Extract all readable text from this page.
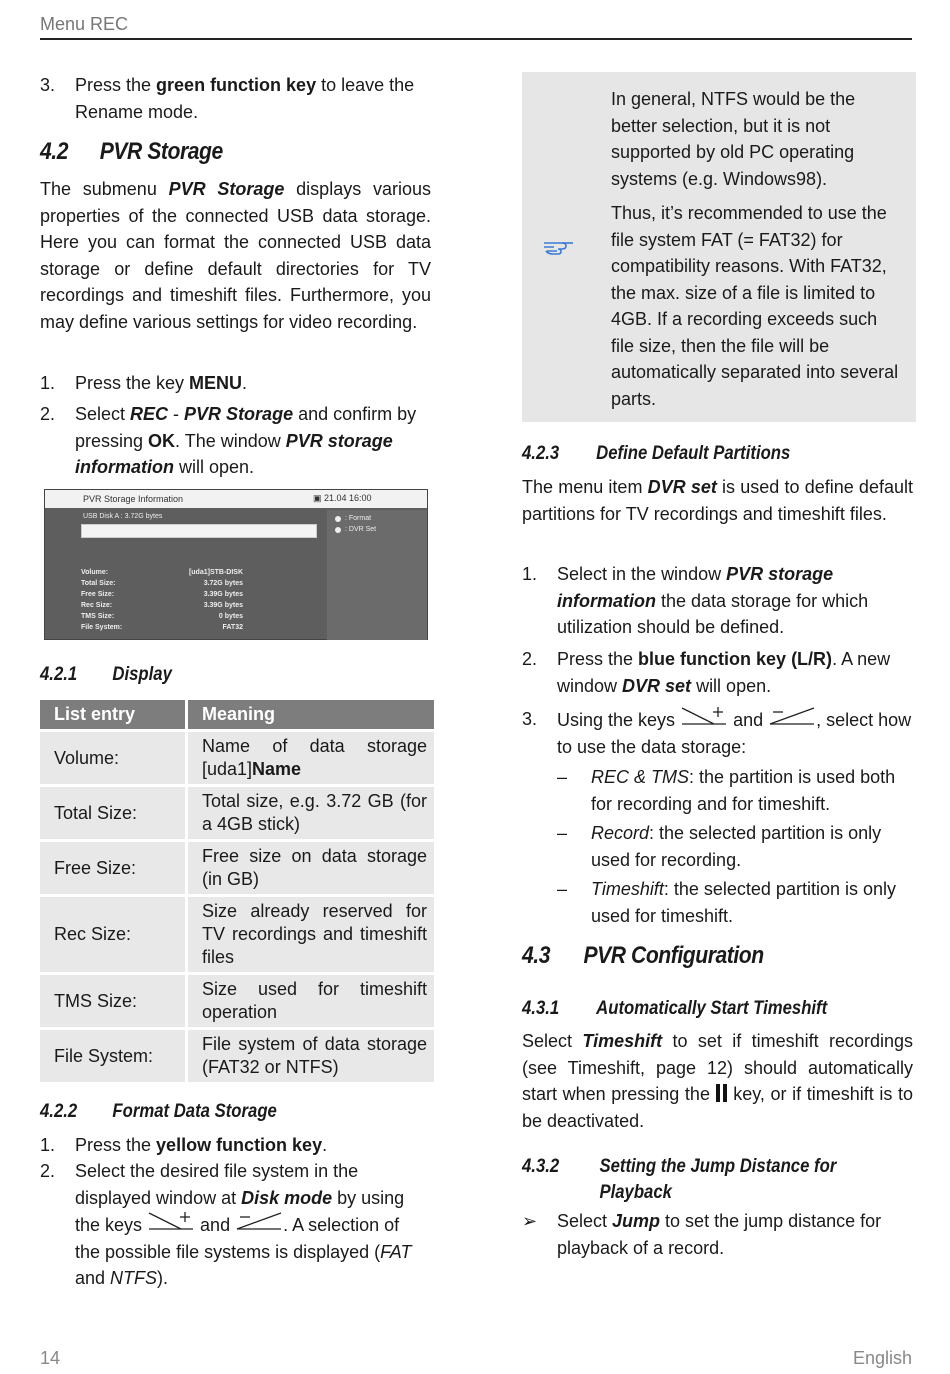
Menu REC
3. Press the green function key to leave the Rename mode.
4.2 PVR Storage
The submenu PVR Storage displays various properties of the connected USB data storage. Here you can format the connected USB data storage or define default directories for TV recordings and timeshift files. Furthermore, you may define various settings for video recording.
1. Press the key MENU.
2. Select REC - PVR Storage and confirm by pressing OK. The window PVR storage information will open.
PVR Storage Information	▣ 21.04 16:00
USB Disk A : 3.72G bytes	: Format
: DVR Set
Volume:	[uda1]STB-DISK
Total Size:	3.72G bytes
Free Size:	3.39G bytes
Rec Size:	3.39G bytes
TMS Size:	0 bytes
File System:	FAT32
4.2.1 Display
List entry	Meaning
Volume:	Name of data storage [uda1]Name
Total Size:	Total size, e.g. 3.72 GB (for a 4GB stick)
Free Size:	Free size on data storage (in GB)
Rec Size:	Size already reserved for TV recordings and timeshift files
TMS Size:	Size used for timeshift operation
File System:	File system of data storage (FAT32 or NTFS)
4.2.2 Format Data Storage
1. Press the yellow function key.
2. Select the desired file system in the displayed window at Disk mode by using the keys	and	. A selection of the possible file systems is displayed (FAT and NTFS).
In general, NTFS would be the better selection, but it is not supported by old PC operating systems (e.g. Windows98).
Thus, it’s recommended to use the file system FAT (= FAT32) for compatibility reasons. With FAT32, the max. size of a file is limited to 4GB. If a recording exceeds such file size, then the file will be automatically separated into several parts.
4.2.3 Define Default Partitions
The menu item DVR set is used to define default partitions for TV recordings and timeshift files.
1. Select in the window PVR storage information the data storage for which utilization should be defined.
2. Press the blue function key (L/R). A new window DVR set will open.
3. Using the keys	and	, select how to use the data storage:
– REC & TMS: the partition is used both for recording and for timeshift.
– Record: the selected partition is only used for recording.
– Timeshift: the selected partition is only used for timeshift.
4.3 PVR Configuration
4.3.1 Automatically Start Timeshift
Select Timeshift to set if timeshift recordings (see Timeshift, page 12) should automatically start when pressing the  key, or if timeshift is to be deactivated.
4.3.2 Setting the Jump Distance for Playback
➢ Select Jump to set the jump distance for playback of a record.
14	English
